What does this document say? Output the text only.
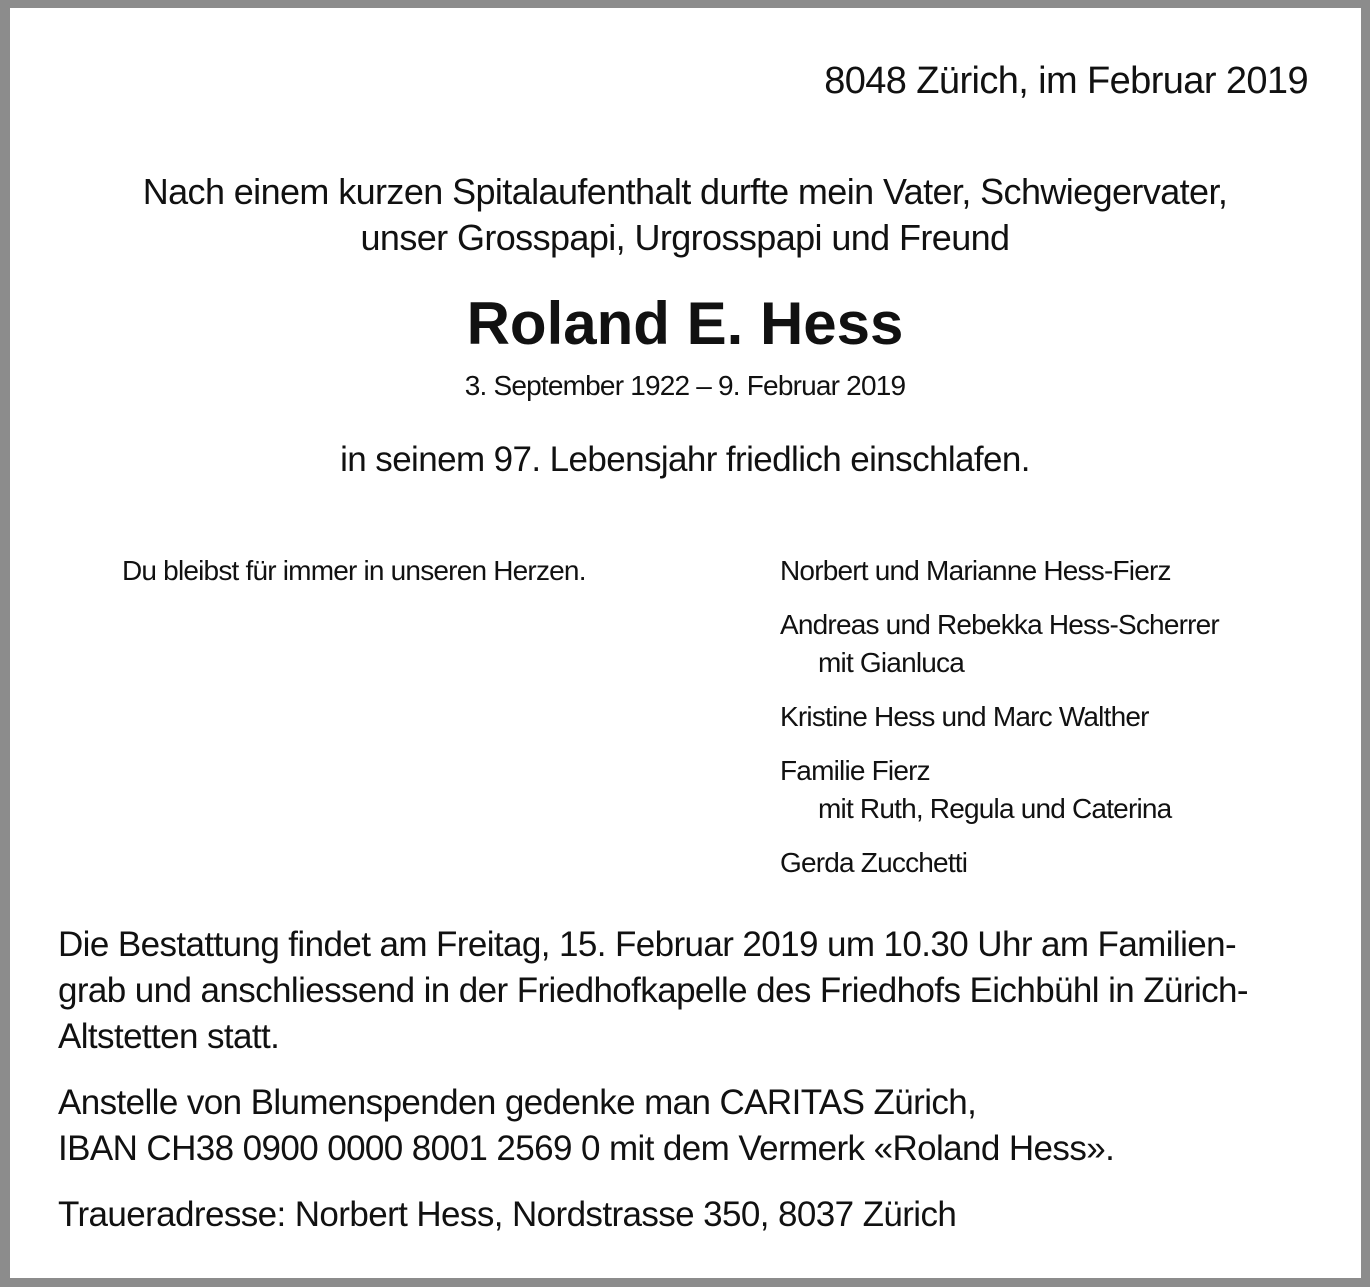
8048 Zürich, im Februar 2019
Nach einem kurzen Spitalaufenthalt durfte mein Vater, Schwiegervater,
unser Grosspapi, Urgrosspapi und Freund
Roland E. Hess
3. September 1922 – 9. Februar 2019
in seinem 97. Lebensjahr friedlich einschlafen.
Du bleibst für immer in unseren Herzen.	Norbert und Marianne Hess-Fierz
Andreas und Rebekka Hess-Scherrer
mit Gianluca
Kristine Hess und Marc Walther
Familie Fierz
mit Ruth, Regula und Caterina
Gerda Zucchetti
Die Bestattung findet am Freitag, 15. Februar 2019 um 10.30 Uhr am Familien-
grab und anschliessend in der Friedhofkapelle des Friedhofs Eichbühl in Zürich-
Altstetten statt.
Anstelle von Blumenspenden gedenke man CARITAS Zürich,
IBAN CH38 0900 0000 8001 2569 0 mit dem Vermerk «Roland Hess».
Traueradresse: Norbert Hess, Nordstrasse 350, 8037 Zürich
